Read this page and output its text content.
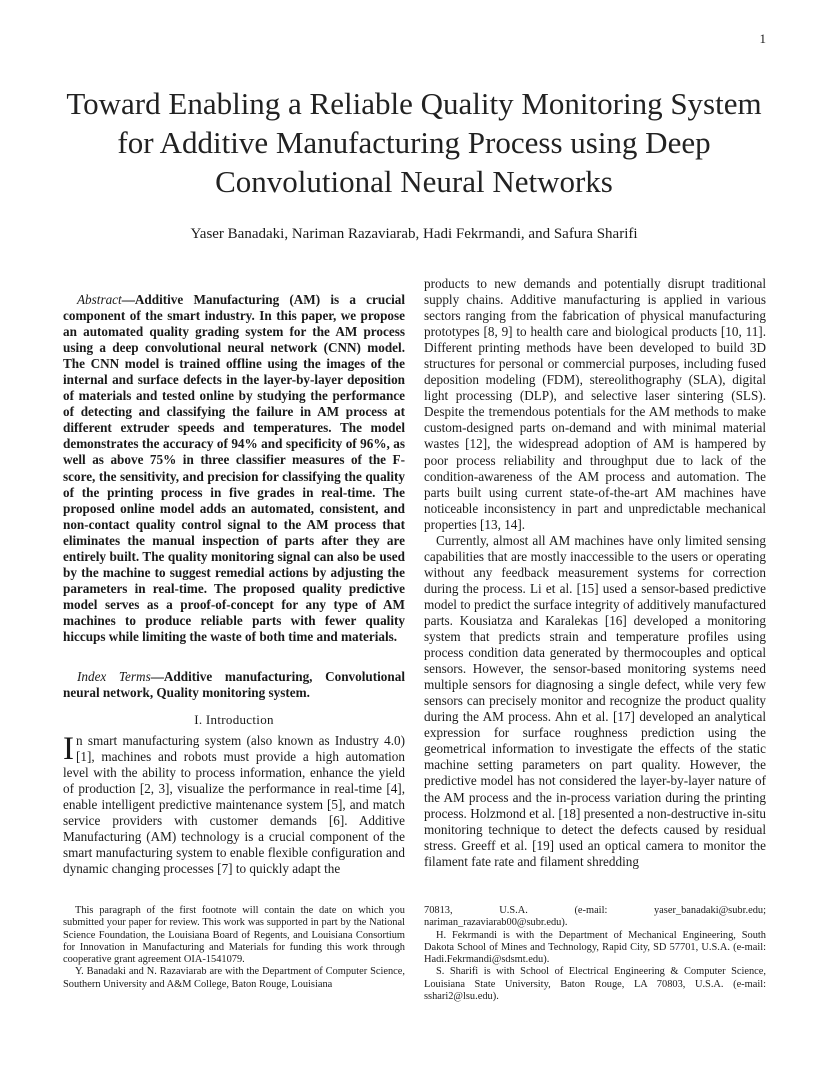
1
Toward Enabling a Reliable Quality Monitoring System for Additive Manufacturing Process using Deep Convolutional Neural Networks
Yaser Banadaki, Nariman Razaviarab, Hadi Fekrmandi, and Safura Sharifi

Abstract—Additive Manufacturing (AM) is a crucial component of the smart industry. In this paper, we propose an automated quality grading system for the AM process using a deep convolutional neural network (CNN) model. The CNN model is trained offline using the images of the internal and surface defects in the layer-by-layer deposition of materials and tested online by studying the performance of detecting and classifying the failure in AM process at different extruder speeds and temperatures. The model demonstrates the accuracy of 94% and specificity of 96%, as well as above 75% in three classifier measures of the F-score, the sensitivity, and precision for classifying the quality of the printing process in five grades in real-time. The proposed online model adds an automated, consistent, and non-contact quality control signal to the AM process that eliminates the manual inspection of parts after they are entirely built. The quality monitoring signal can also be used by the machine to suggest remedial actions by adjusting the parameters in real-time. The proposed quality predictive model serves as a proof-of-concept for any type of AM machines to produce reliable parts with fewer quality hiccups while limiting the waste of both time and materials.

Index Terms—Additive manufacturing, Convolutional neural network, Quality monitoring system.

I. Introduction

In smart manufacturing system (also known as Industry 4.0) [1], machines and robots must provide a high automation level with the ability to process information, enhance the yield of production [2, 3], visualize the performance in real-time [4], enable intelligent predictive maintenance system [5], and match service providers with customer demands [6]. Additive Manufacturing (AM) technology is a crucial component of the smart manufacturing system to enable flexible configuration and dynamic changing processes [7] to quickly adapt the

products to new demands and potentially disrupt traditional supply chains. Additive manufacturing is applied in various sectors ranging from the fabrication of physical manufacturing prototypes [8, 9] to health care and biological products [10, 11]. Different printing methods have been developed to build 3D structures for personal or commercial purposes, including fused deposition modeling (FDM), stereolithography (SLA), digital light processing (DLP), and selective laser sintering (SLS). Despite the tremendous potentials for the AM methods to make custom-designed parts on-demand and with minimal material wastes [12], the widespread adoption of AM is hampered by poor process reliability and throughput due to lack of the condition-awareness of the AM process and automation. The parts built using current state-of-the-art AM machines have noticeable inconsistency in part and unpredictable mechanical properties [13, 14].

Currently, almost all AM machines have only limited sensing capabilities that are mostly inaccessible to the users or operating without any feedback measurement systems for correction during the process. Li et al. [15] used a sensor-based predictive model to predict the surface integrity of additively manufactured parts. Kousiatza and Karalekas [16] developed a monitoring system that predicts strain and temperature profiles using process condition data generated by thermocouples and optical sensors. However, the sensor-based monitoring systems need multiple sensors for diagnosing a single defect, while very few sensors can precisely monitor and recognize the product quality during the AM process. Ahn et al. [17] developed an analytical expression for surface roughness prediction using the geometrical information to investigate the effects of the static machine setting parameters on part quality. However, the predictive model has not considered the layer-by-layer nature of the AM process and the in-process variation during the printing process. Holzmond et al. [18] presented a non-destructive in-situ monitoring technique to detect the defects caused by residual stress. Greeff et al. [19] used an optical camera to monitor the filament fate rate and filament shredding

This paragraph of the first footnote will contain the date on which you submitted your paper for review. This work was supported in part by the National Science Foundation, the Louisiana Board of Regents, and Louisiana Consortium for Innovation in Manufacturing and Materials for funding this work through cooperative grant agreement OIA-1541079.

Y. Banadaki and N. Razaviarab are with the Department of Computer Science, Southern University and A&M College, Baton Rouge, Louisiana

70813, U.S.A. (e-mail: yaser_banadaki@subr.edu; nariman_razaviarab00@subr.edu).

H. Fekrmandi is with the Department of Mechanical Engineering, South Dakota School of Mines and Technology, Rapid City, SD 57701, U.S.A. (e-mail: Hadi.Fekrmandi@sdsmt.edu).

S. Sharifi is with School of Electrical Engineering & Computer Science, Louisiana State University, Baton Rouge, LA 70803, U.S.A. (e-mail: sshari2@lsu.edu).
